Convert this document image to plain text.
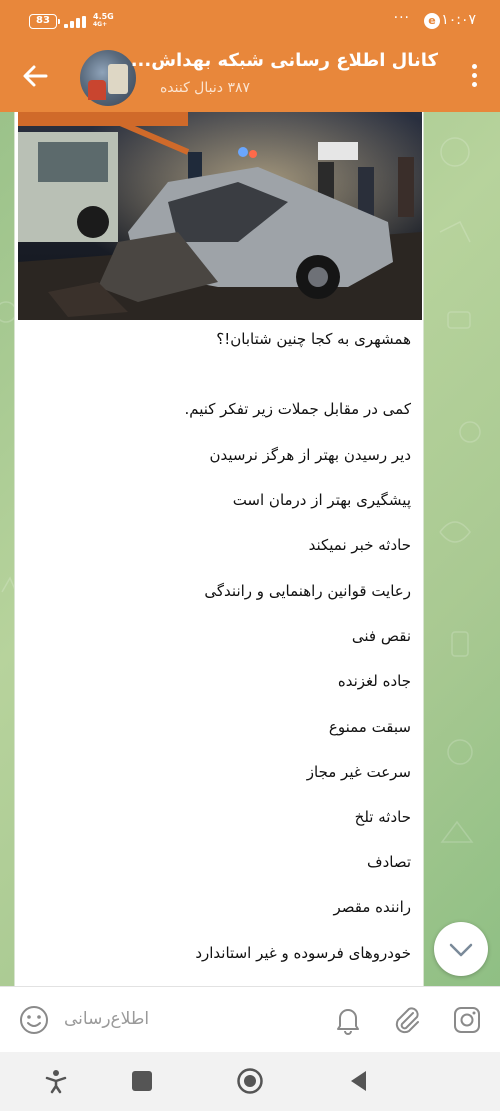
83	4.5G
4G+	···	e ۱۰:۰۷
کانال اطلاع رسانی شبکه بهداش...
۳۸۷ دنبال کننده
همشهری به کجا چنین شتابان!؟
کمی در مقابل جملات زیر تفکر کنیم.
دیر رسیدن بهتر از هرگز نرسیدن
پیشگیری بهتر از درمان است
حادثه خبر نمیکند
رعایت قوانین راهنمایی و رانندگی
نقص فنی
جاده لغزنده
سبقت ممنوع
سرعت غیر مجاز
حادثه تلخ
تصادف
راننده مقصر
خودروهای فرسوده و غیر استاندارد
اطلاع‌رسانی
